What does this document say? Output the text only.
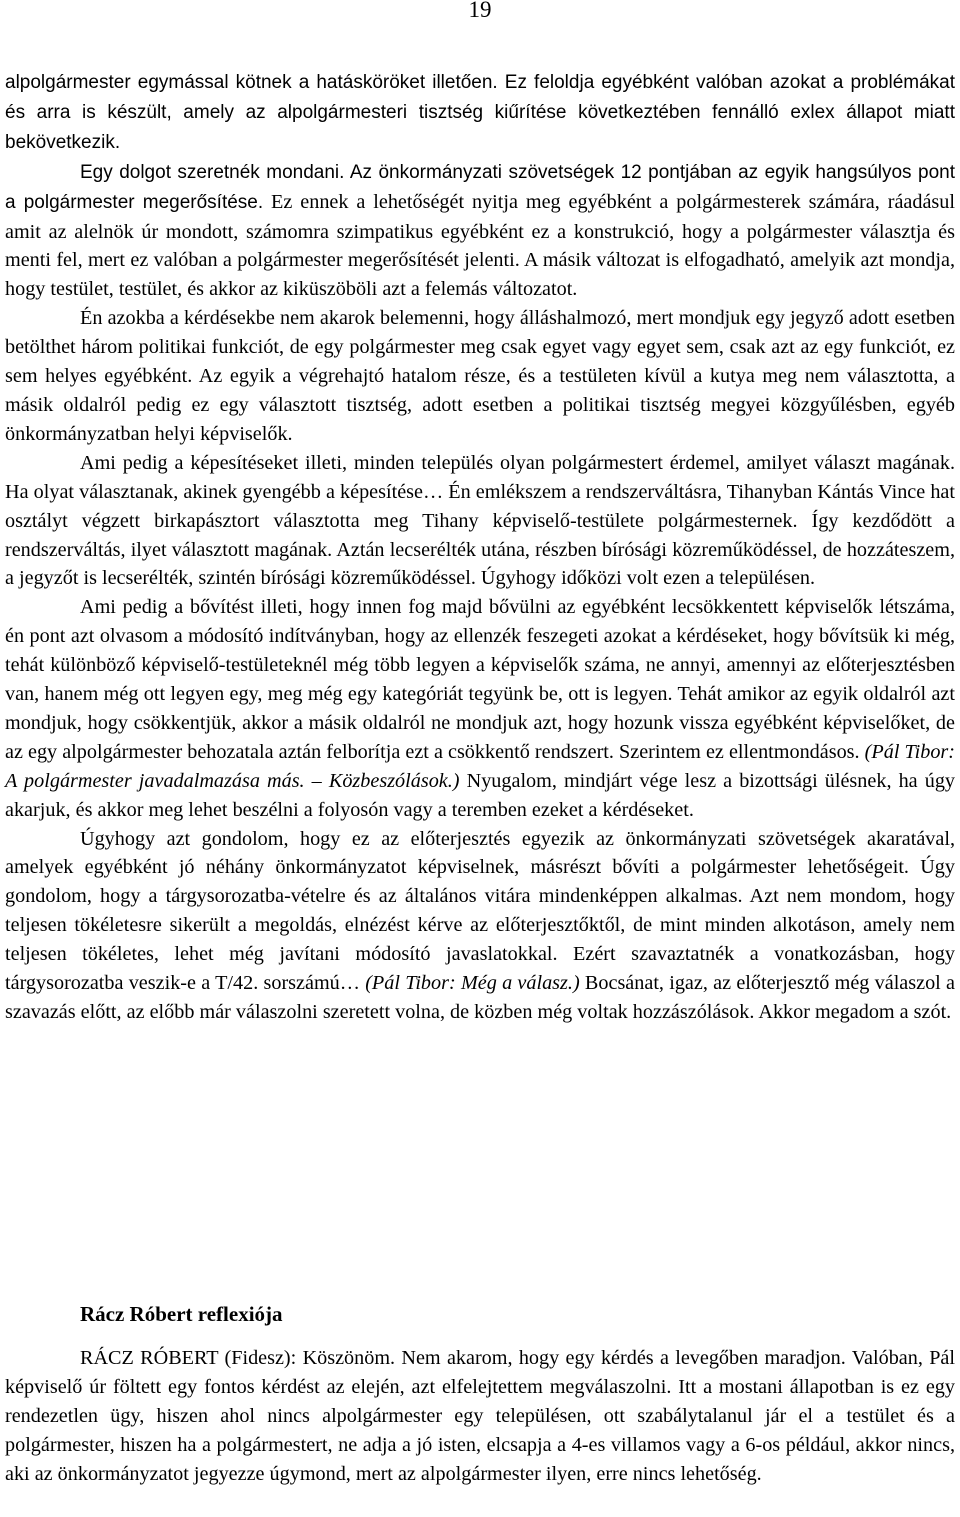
19

alpolgármester egymással kötnek a hatásköröket illetően. Ez feloldja egyébként valóban azokat a problémákat és arra is készült, amely az alpolgármesteri tisztség kiűrítése következtében fennálló exlex állapot miatt bekövetkezik.

Egy dolgot szeretnék mondani. Az önkormányzati szövetségek 12 pontjában az egyik hangsúlyos pont a polgármester megerősítése. Ez ennek a lehetőségét nyitja meg egyébként a polgármesterek számára, ráadásul amit az alelnök úr mondott, számomra szimpatikus egyébként ez a konstrukció, hogy a polgármester választja és menti fel, mert ez valóban a polgármester megerősítését jelenti. A másik változat is elfogadható, amelyik azt mondja, hogy testület, testület, és akkor az kiküszöböli azt a felemás változatot.

Én azokba a kérdésekbe nem akarok belemenni, hogy álláshalmozó, mert mondjuk egy jegyző adott esetben betölthet három politikai funkciót, de egy polgármester meg csak egyet vagy egyet sem, csak azt az egy funkciót, ez sem helyes egyébként. Az egyik a végrehajtó hatalom része, és a testületen kívül a kutya meg nem választotta, a másik oldalról pedig ez egy választott tisztség, adott esetben a politikai tisztség megyei közgyűlésben, egyéb önkormányzatban helyi képviselők.

Ami pedig a képesítéseket illeti, minden település olyan polgármestert érdemel, amilyet választ magának. Ha olyat választanak, akinek gyengébb a képesítése… Én emlékszem a rendszerváltásra, Tihanyban Kántás Vince hat osztályt végzett birkapásztort választotta meg Tihany képviselő-testülete polgármesternek. Így kezdődött a rendszerváltás, ilyet választott magának. Aztán lecserélték utána, részben bírósági közreműködéssel, de hozzáteszem, a jegyzőt is lecserélték, szintén bírósági közreműködéssel. Úgyhogy időközi volt ezen a településen.

Ami pedig a bővítést illeti, hogy innen fog majd bővülni az egyébként lecsökkentett képviselők létszáma, én pont azt olvasom a módosító indítványban, hogy az ellenzék feszegeti azokat a kérdéseket, hogy bővítsük ki még, tehát különböző képviselő-testületeknél még több legyen a képviselők száma, ne annyi, amennyi az előterjesztésben van, hanem még ott legyen egy, meg még egy kategóriát tegyünk be, ott is legyen. Tehát amikor az egyik oldalról azt mondjuk, hogy csökkentjük, akkor a másik oldalról ne mondjuk azt, hogy hozunk vissza egyébként képviselőket, de az egy alpolgármester behozatala aztán felborítja ezt a csökkentő rendszert. Szerintem ez ellentmondásos. (Pál Tibor: A polgármester javadalmazása más. – Közbeszólások.) Nyugalom, mindjárt vége lesz a bizottsági ülésnek, ha úgy akarjuk, és akkor meg lehet beszélni a folyosón vagy a teremben ezeket a kérdéseket.

Úgyhogy azt gondolom, hogy ez az előterjesztés egyezik az önkormányzati szövetségek akaratával, amelyek egyébként jó néhány önkormányzatot képviselnek, másrészt bővíti a polgármester lehetőségeit. Úgy gondolom, hogy a tárgysorozatba-vételre és az általános vitára mindenképpen alkalmas. Azt nem mondom, hogy teljesen tökéletesre sikerült a megoldás, elnézést kérve az előterjesztőktől, de mint minden alkotáson, amely nem teljesen tökéletes, lehet még javítani módosító javaslatokkal. Ezért szavaztatnék a vonatkozásban, hogy tárgysorozatba veszik-e a T/42. sorszámú… (Pál Tibor: Még a válasz.) Bocsánat, igaz, az előterjesztő még válaszol a szavazás előtt, az előbb már válaszolni szeretett volna, de közben még voltak hozzászólások. Akkor megadom a szót.

Rácz Róbert reflexiója

RÁCZ RÓBERT (Fidesz): Köszönöm. Nem akarom, hogy egy kérdés a levegőben maradjon. Valóban, Pál képviselő úr föltett egy fontos kérdést az elején, azt elfelejtettem megválaszolni. Itt a mostani állapotban is ez egy rendezetlen ügy, hiszen ahol nincs alpolgármester egy településen, ott szabálytalanul jár el a testület és a polgármester, hiszen ha a polgármestert, ne adja a jó isten, elcsapja a 4-es villamos vagy a 6-os például, akkor nincs, aki az önkormányzatot jegyezze úgymond, mert az alpolgármester ilyen, erre nincs lehetőség.
